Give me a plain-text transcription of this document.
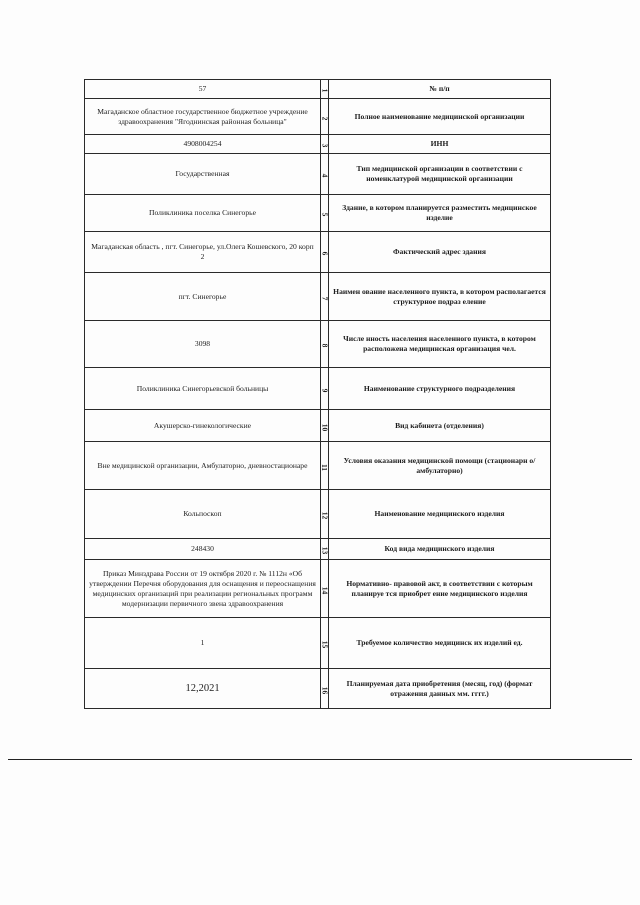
57	1	№ п/п
Магаданское областное государственное бюджетное учреждение здравоохранения "Ягоднинская районная больница"	2	Полное наименование медицинской организации
4908004254	3	ИНН
Государственная	4	Тип медицинской организации в соответствии с номенклатурой медицинской организации
Поликлиника поселка Синегорье	5	Здание, в котором планируется разместить медицинское изделие
Магаданская область , пгт. Синегорье, ул.Олега Кошевского, 20 корп 2	6	Фактический адрес здания
пгт. Синегорье	7	Наимен ование населенного пункта, в котором располагается структурное подраз еление
3098	8	Числе нность населения населенного пункта, в котором расположена медицинская организация чел.
Поликлиника Синегорьевской больницы	9	Наименование структурного подразделения
Акушерско-гинекологические	10	Вид кабинета (отделения)
Вне медицинской организации, Амбулаторно, дневностационаре	11	Условия оказания медицинской помощи (стационарн о/амбулаторно)
Кольпоскоп	12	Наименование медицинского изделия
248430	13	Код вида медицинского изделия
Приказ Минздрава России от 19 октября 2020 г. № 1112н «Об утверждении Перечня оборудования для оснащения и переоснащения медицинских организаций при реализации региональных программ модернизации первичного звена здравоохранения	14	Нормативно- правовой акт, в соответствии с которым планируе тся приобрет ение медицинского изделия
1	15	Требуемое количество медицинск их изделий ед.
12,2021	16	Планируемая дата приобретения (месяц, год) (формат отражения данных мм. гггг.)
